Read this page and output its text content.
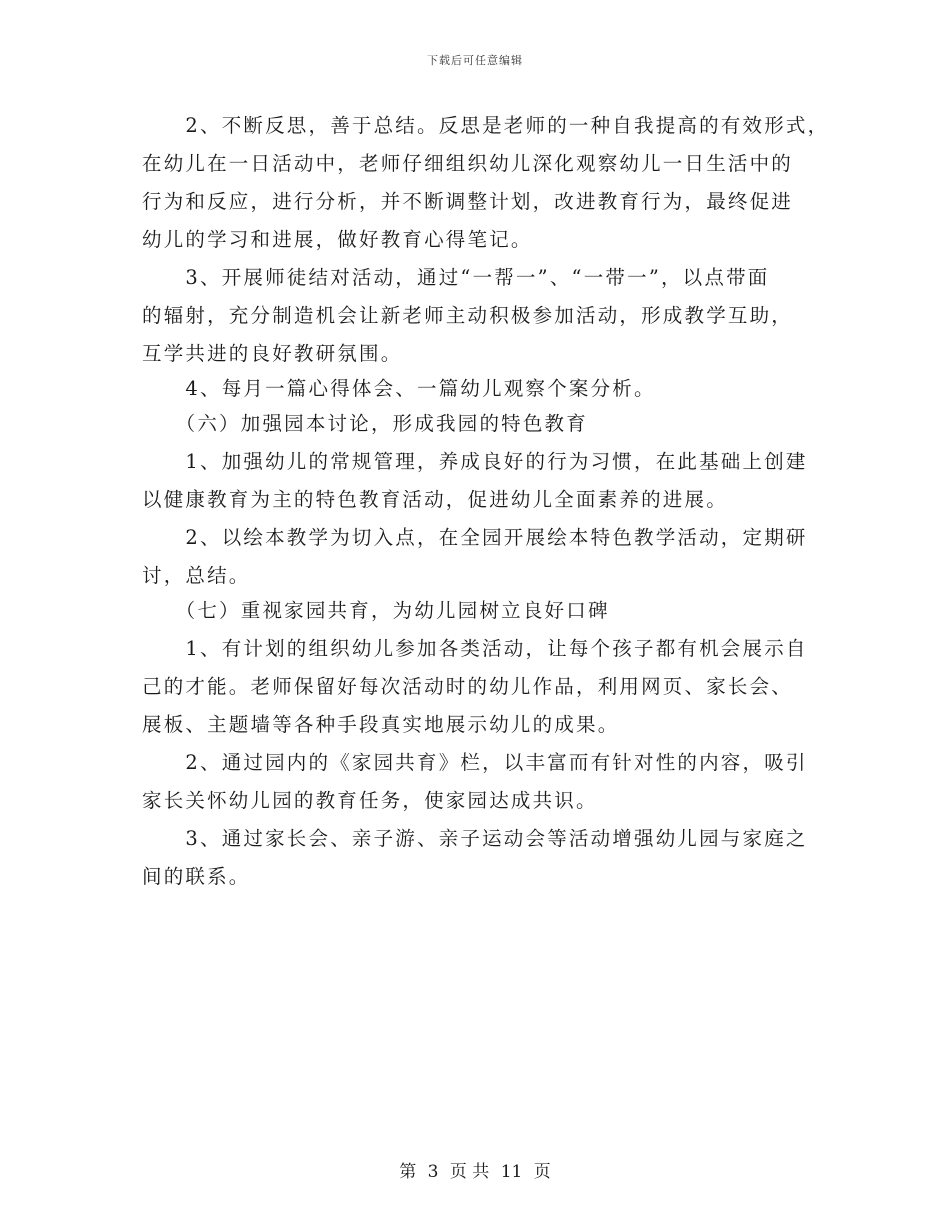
下载后可任意编辑
　　2、不断反思，善于总结。反思是老师的一种自我提高的有效形式，
在幼儿在一日活动中，老师仔细组织幼儿深化观察幼儿一日生活中的
行为和反应，进行分析，并不断调整计划，改进教育行为，最终促进
幼儿的学习和进展，做好教育心得笔记。
　　3、开展师徒结对活动，通过“一帮一”、“一带一”，以点带面
的辐射，充分制造机会让新老师主动积极参加活动，形成教学互助，
互学共进的良好教研氛围。
　　4、每月一篇心得体会、一篇幼儿观察个案分析。
　　（六）加强园本讨论，形成我园的特色教育
　　1、加强幼儿的常规管理，养成良好的行为习惯，在此基础上创建
以健康教育为主的特色教育活动，促进幼儿全面素养的进展。
　　2、以绘本教学为切入点，在全园开展绘本特色教学活动，定期研
讨，总结。
　　（七）重视家园共育，为幼儿园树立良好口碑
　　1、有计划的组织幼儿参加各类活动，让每个孩子都有机会展示自
己的才能。老师保留好每次活动时的幼儿作品，利用网页、家长会、
展板、主题墙等各种手段真实地展示幼儿的成果。
　　2、通过园内的《家园共育》栏，以丰富而有针对性的内容，吸引
家长关怀幼儿园的教育任务，使家园达成共识。
　　3、通过家长会、亲子游、亲子运动会等活动增强幼儿园与家庭之
间的联系。
第 3 页 共 11 页
